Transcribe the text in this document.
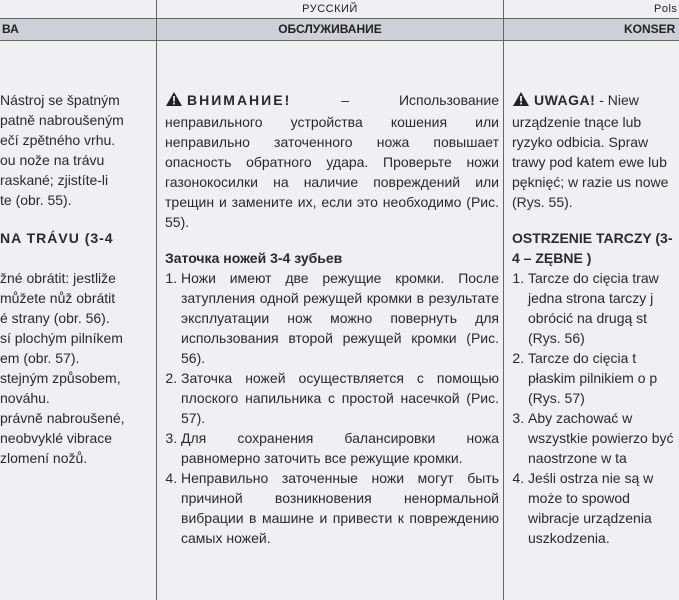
ВА

Nástroj se špatným

patně nabroušeným

ečí zpětného vrhu.

ou nože na trávu

raskané; zjistíte-li

te (obr. 55).

NA TRÁVU (3-4

žné obrátit: jestliže

můžete nůž obrátit

é strany (obr. 56).

sí plochým pilníkem

em (obr. 57).

stejným způsobem,

nováhu.

právně nabroušené,

neobvyklé vibrace

zlomení nožů.

РУССКИЙ
ОБСЛУЖИВАНИЕ

ВНИМАНИЕ! – Использование неправильного устройства кошения или неправильно заточенного ножа повышает опасность обратного удара. Проверьте ножи газонокосилки на наличие повреждений или трещин и замените их, если это необходимо (Рис. 55).

Заточка ножей 3-4 зубьев

1. Ножи имеют две режущие кромки. После затупления одной режущей кромки в результате эксплуатации нож можно повернуть для использования второй режущей кромки (Рис. 56).
2. Заточка ножей осуществляется с помощью плоского напильника с простой насечкой (Рис. 57).
3. Для сохранения балансировки ножа равномерно заточить все режущие кромки.
4. Неправильно заточенные ножи могут быть причиной возникновения ненормальной вибрации в машине и привести к повреждению самых ножей.
Pols
KONSER

UWAGA! - Niew urządzenie tnące lub ryzyko odbicia. Spraw trawy pod katem ewe lub pęknięć; w razie us nowe (Rys. 55).

OSTRZENIE TARCZY (3-4 – ZĘBNE )

1. Tarcze do cięcia traw jedna strona tarczy j obrócić na drugą st (Rys. 56)
2. Tarcze do cięcia t płaskim pilnikiem o p (Rys. 57)
3. Aby zachować w wszystkie powierzo być naostrzone w ta
4. Jeśli ostrza nie są w może to spowod wibracje urządzenia uszkodzenia.
